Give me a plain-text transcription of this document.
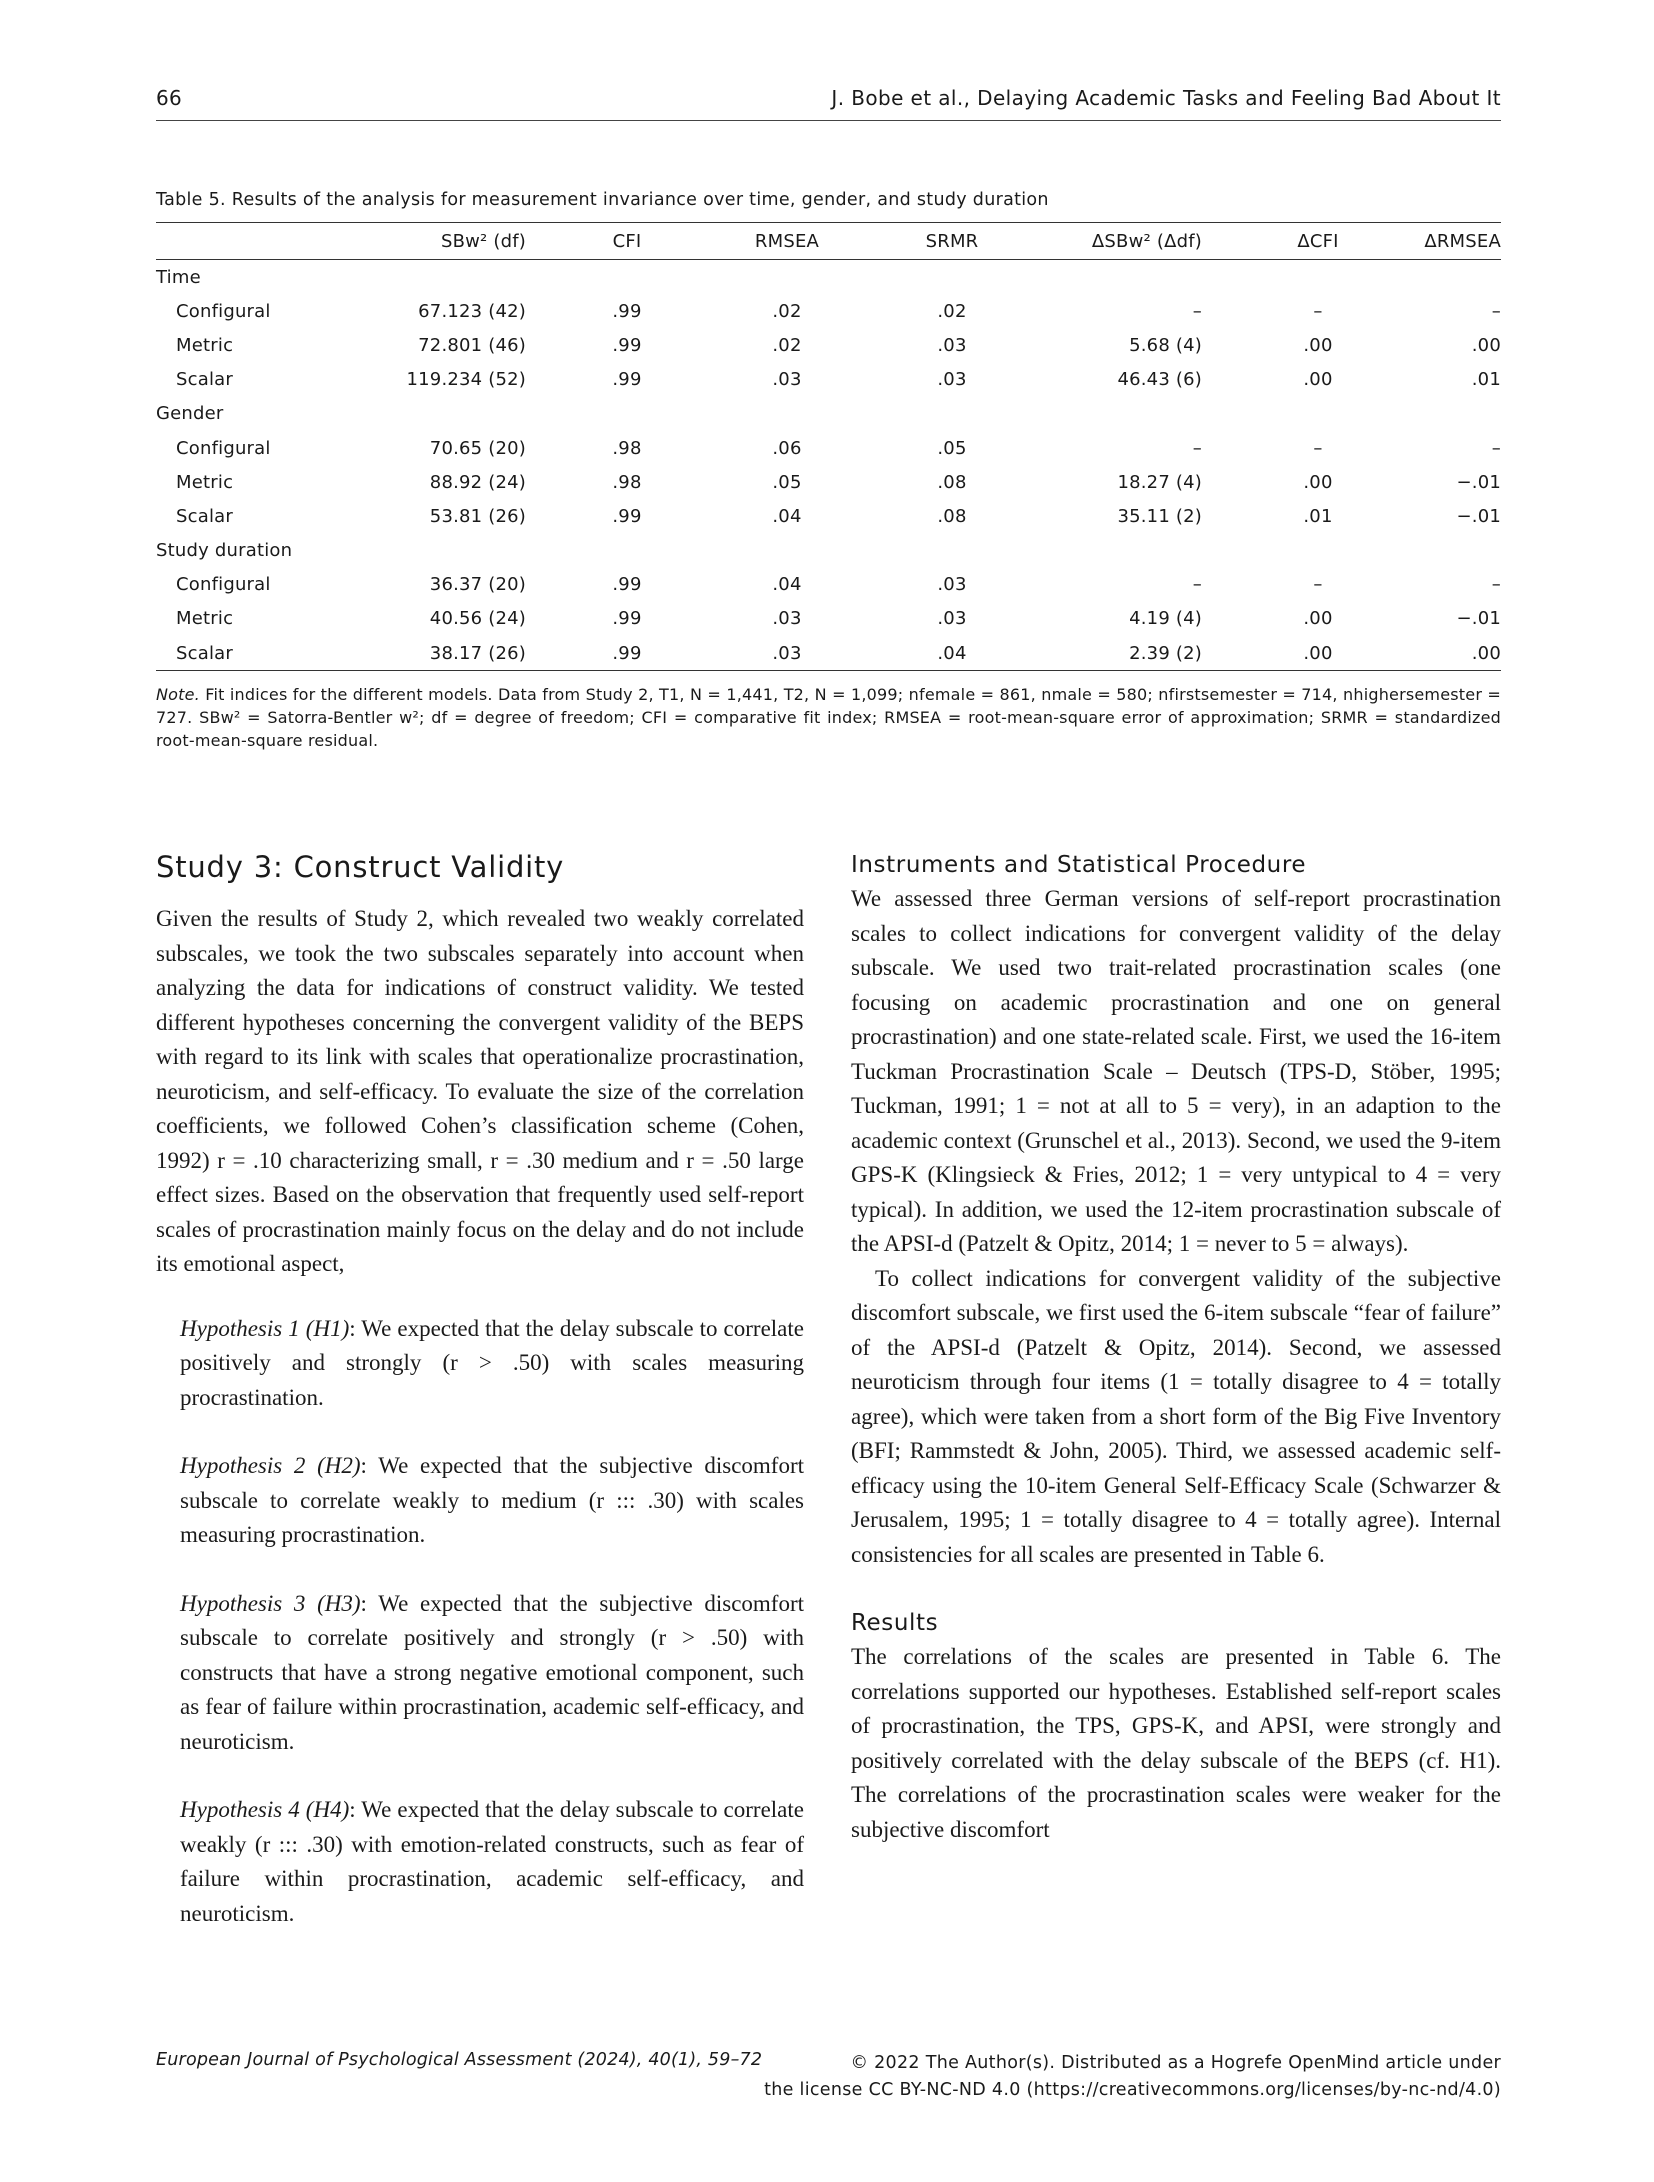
66	J. Bobe et al., Delaying Academic Tasks and Feeling Bad About It
Table 5. Results of the analysis for measurement invariance over time, gender, and study duration
	SBw² (df)	CFI	RMSEA	SRMR	ΔSBw² (Δdf)	ΔCFI	ΔRMSEA
Time							
Configural	67.123 (42)	.99	.02	.02	–	–	–
Metric	72.801 (46)	.99	.02	.03	5.68 (4)	.00	.00
Scalar	119.234 (52)	.99	.03	.03	46.43 (6)	.00	.01
Gender							
Configural	70.65 (20)	.98	.06	.05	–	–	–
Metric	88.92 (24)	.98	.05	.08	18.27 (4)	.00	−.01
Scalar	53.81 (26)	.99	.04	.08	35.11 (2)	.01	−.01
Study duration							
Configural	36.37 (20)	.99	.04	.03	–	–	–
Metric	40.56 (24)	.99	.03	.03	4.19 (4)	.00	−.01
Scalar	38.17 (26)	.99	.03	.04	2.39 (2)	.00	.00
Note. Fit indices for the different models. Data from Study 2, T1, N = 1,441, T2, N = 1,099; nfemale = 861, nmale = 580; nfirstsemester = 714, nhighersemester = 727. SBw² = Satorra-Bentler w²; df = degree of freedom; CFI = comparative fit index; RMSEA = root-mean-square error of approximation; SRMR = standardized root-mean-square residual.
Study 3: Construct Validity

Given the results of Study 2, which revealed two weakly correlated subscales, we took the two subscales separately into account when analyzing the data for indications of construct validity. We tested different hypotheses concerning the convergent validity of the BEPS with regard to its link with scales that operationalize procrastination, neuroticism, and self-efficacy. To evaluate the size of the correlation coefficients, we followed Cohen’s classification scheme (Cohen, 1992) r = .10 characterizing small, r = .30 medium and r = .50 large effect sizes. Based on the observation that frequently used self-report scales of procrastination mainly focus on the delay and do not include its emotional aspect,

Hypothesis 1 (H1): We expected that the delay subscale to correlate positively and strongly (r > .50) with scales measuring procrastination.

Hypothesis 2 (H2): We expected that the subjective discomfort subscale to correlate weakly to medium (r ::: .30) with scales measuring procrastination.

Hypothesis 3 (H3): We expected that the subjective discomfort subscale to correlate positively and strongly (r > .50) with constructs that have a strong negative emotional component, such as fear of failure within procrastination, academic self-efficacy, and neuroticism.

Hypothesis 4 (H4): We expected that the delay subscale to correlate weakly (r ::: .30) with emotion-related constructs, such as fear of failure within procrastination, academic self-efficacy, and neuroticism.

Instruments and Statistical Procedure

We assessed three German versions of self-report procrastination scales to collect indications for convergent validity of the delay subscale. We used two trait-related procrastination scales (one focusing on academic procrastination and one on general procrastination) and one state-related scale. First, we used the 16-item Tuckman Procrastination Scale – Deutsch (TPS-D, Stöber, 1995; Tuckman, 1991; 1 = not at all to 5 = very), in an adaption to the academic context (Grunschel et al., 2013). Second, we used the 9-item GPS-K (Klingsieck & Fries, 2012; 1 = very untypical to 4 = very typical). In addition, we used the 12-item procrastination subscale of the APSI-d (Patzelt & Opitz, 2014; 1 = never to 5 = always).

To collect indications for convergent validity of the subjective discomfort subscale, we first used the 6-item subscale “fear of failure” of the APSI-d (Patzelt & Opitz, 2014). Second, we assessed neuroticism through four items (1 = totally disagree to 4 = totally agree), which were taken from a short form of the Big Five Inventory (BFI; Rammstedt & John, 2005). Third, we assessed academic self-efficacy using the 10-item General Self-Efficacy Scale (Schwarzer & Jerusalem, 1995; 1 = totally disagree to 4 = totally agree). Internal consistencies for all scales are presented in Table 6.

Results

The correlations of the scales are presented in Table 6. The correlations supported our hypotheses. Established self-report scales of procrastination, the TPS, GPS-K, and APSI, were strongly and positively correlated with the delay subscale of the BEPS (cf. H1). The correlations of the procrastination scales were weaker for the subjective discomfort

European Journal of Psychological Assessment (2024), 40(1), 59–72	© 2022 The Author(s). Distributed as a Hogrefe OpenMind article under
the license CC BY-NC-ND 4.0 (https://creativecommons.org/licenses/by-nc-nd/4.0)
